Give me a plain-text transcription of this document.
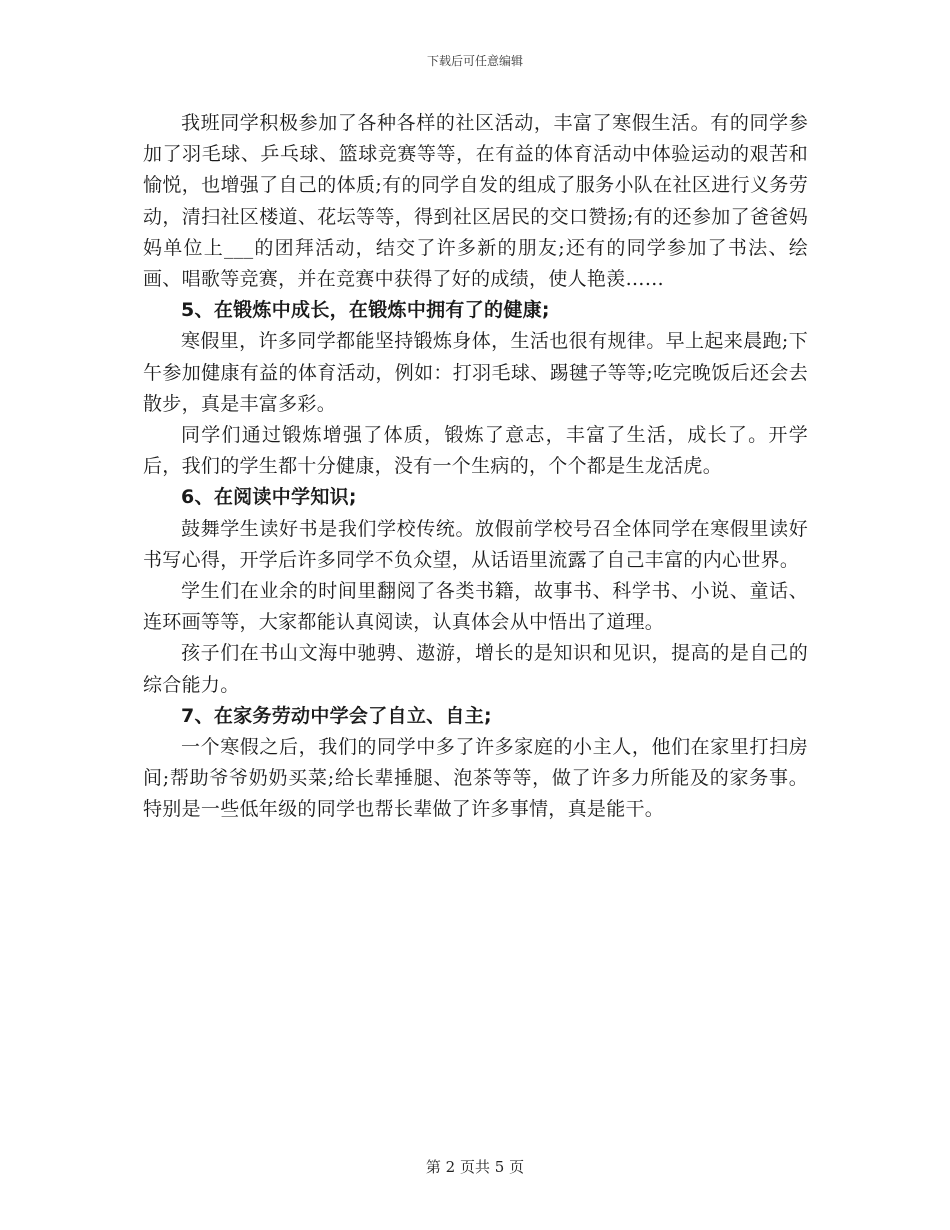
下载后可任意编辑

我班同学积极参加了各种各样的社区活动，丰富了寒假生活。有的同学参加了羽毛球、乒乓球、篮球竞赛等等，在有益的体育活动中体验运动的艰苦和愉悦，也增强了自己的体质;有的同学自发的组成了服务小队在社区进行义务劳动，清扫社区楼道、花坛等等，得到社区居民的交口赞扬;有的还参加了爸爸妈妈单位上___的团拜活动，结交了许多新的朋友;还有的同学参加了书法、绘画、唱歌等竞赛，并在竞赛中获得了好的成绩，使人艳羡……

5、在锻炼中成长，在锻炼中拥有了的健康;

寒假里，许多同学都能坚持锻炼身体，生活也很有规律。早上起来晨跑;下午参加健康有益的体育活动，例如：打羽毛球、踢毽子等等;吃完晚饭后还会去散步，真是丰富多彩。

同学们通过锻炼增强了体质，锻炼了意志，丰富了生活，成长了。开学后，我们的学生都十分健康，没有一个生病的，个个都是生龙活虎。

6、在阅读中学知识;

鼓舞学生读好书是我们学校传统。放假前学校号召全体同学在寒假里读好书写心得，开学后许多同学不负众望，从话语里流露了自己丰富的内心世界。

学生们在业余的时间里翻阅了各类书籍，故事书、科学书、小说、童话、连环画等等，大家都能认真阅读，认真体会从中悟出了道理。

孩子们在书山文海中驰骋、遨游，增长的是知识和见识，提高的是自己的综合能力。

7、在家务劳动中学会了自立、自主;

一个寒假之后，我们的同学中多了许多家庭的小主人，他们在家里打扫房间;帮助爷爷奶奶买菜;给长辈捶腿、泡茶等等，做了许多力所能及的家务事。特别是一些低年级的同学也帮长辈做了许多事情，真是能干。

第 2 页共 5 页
